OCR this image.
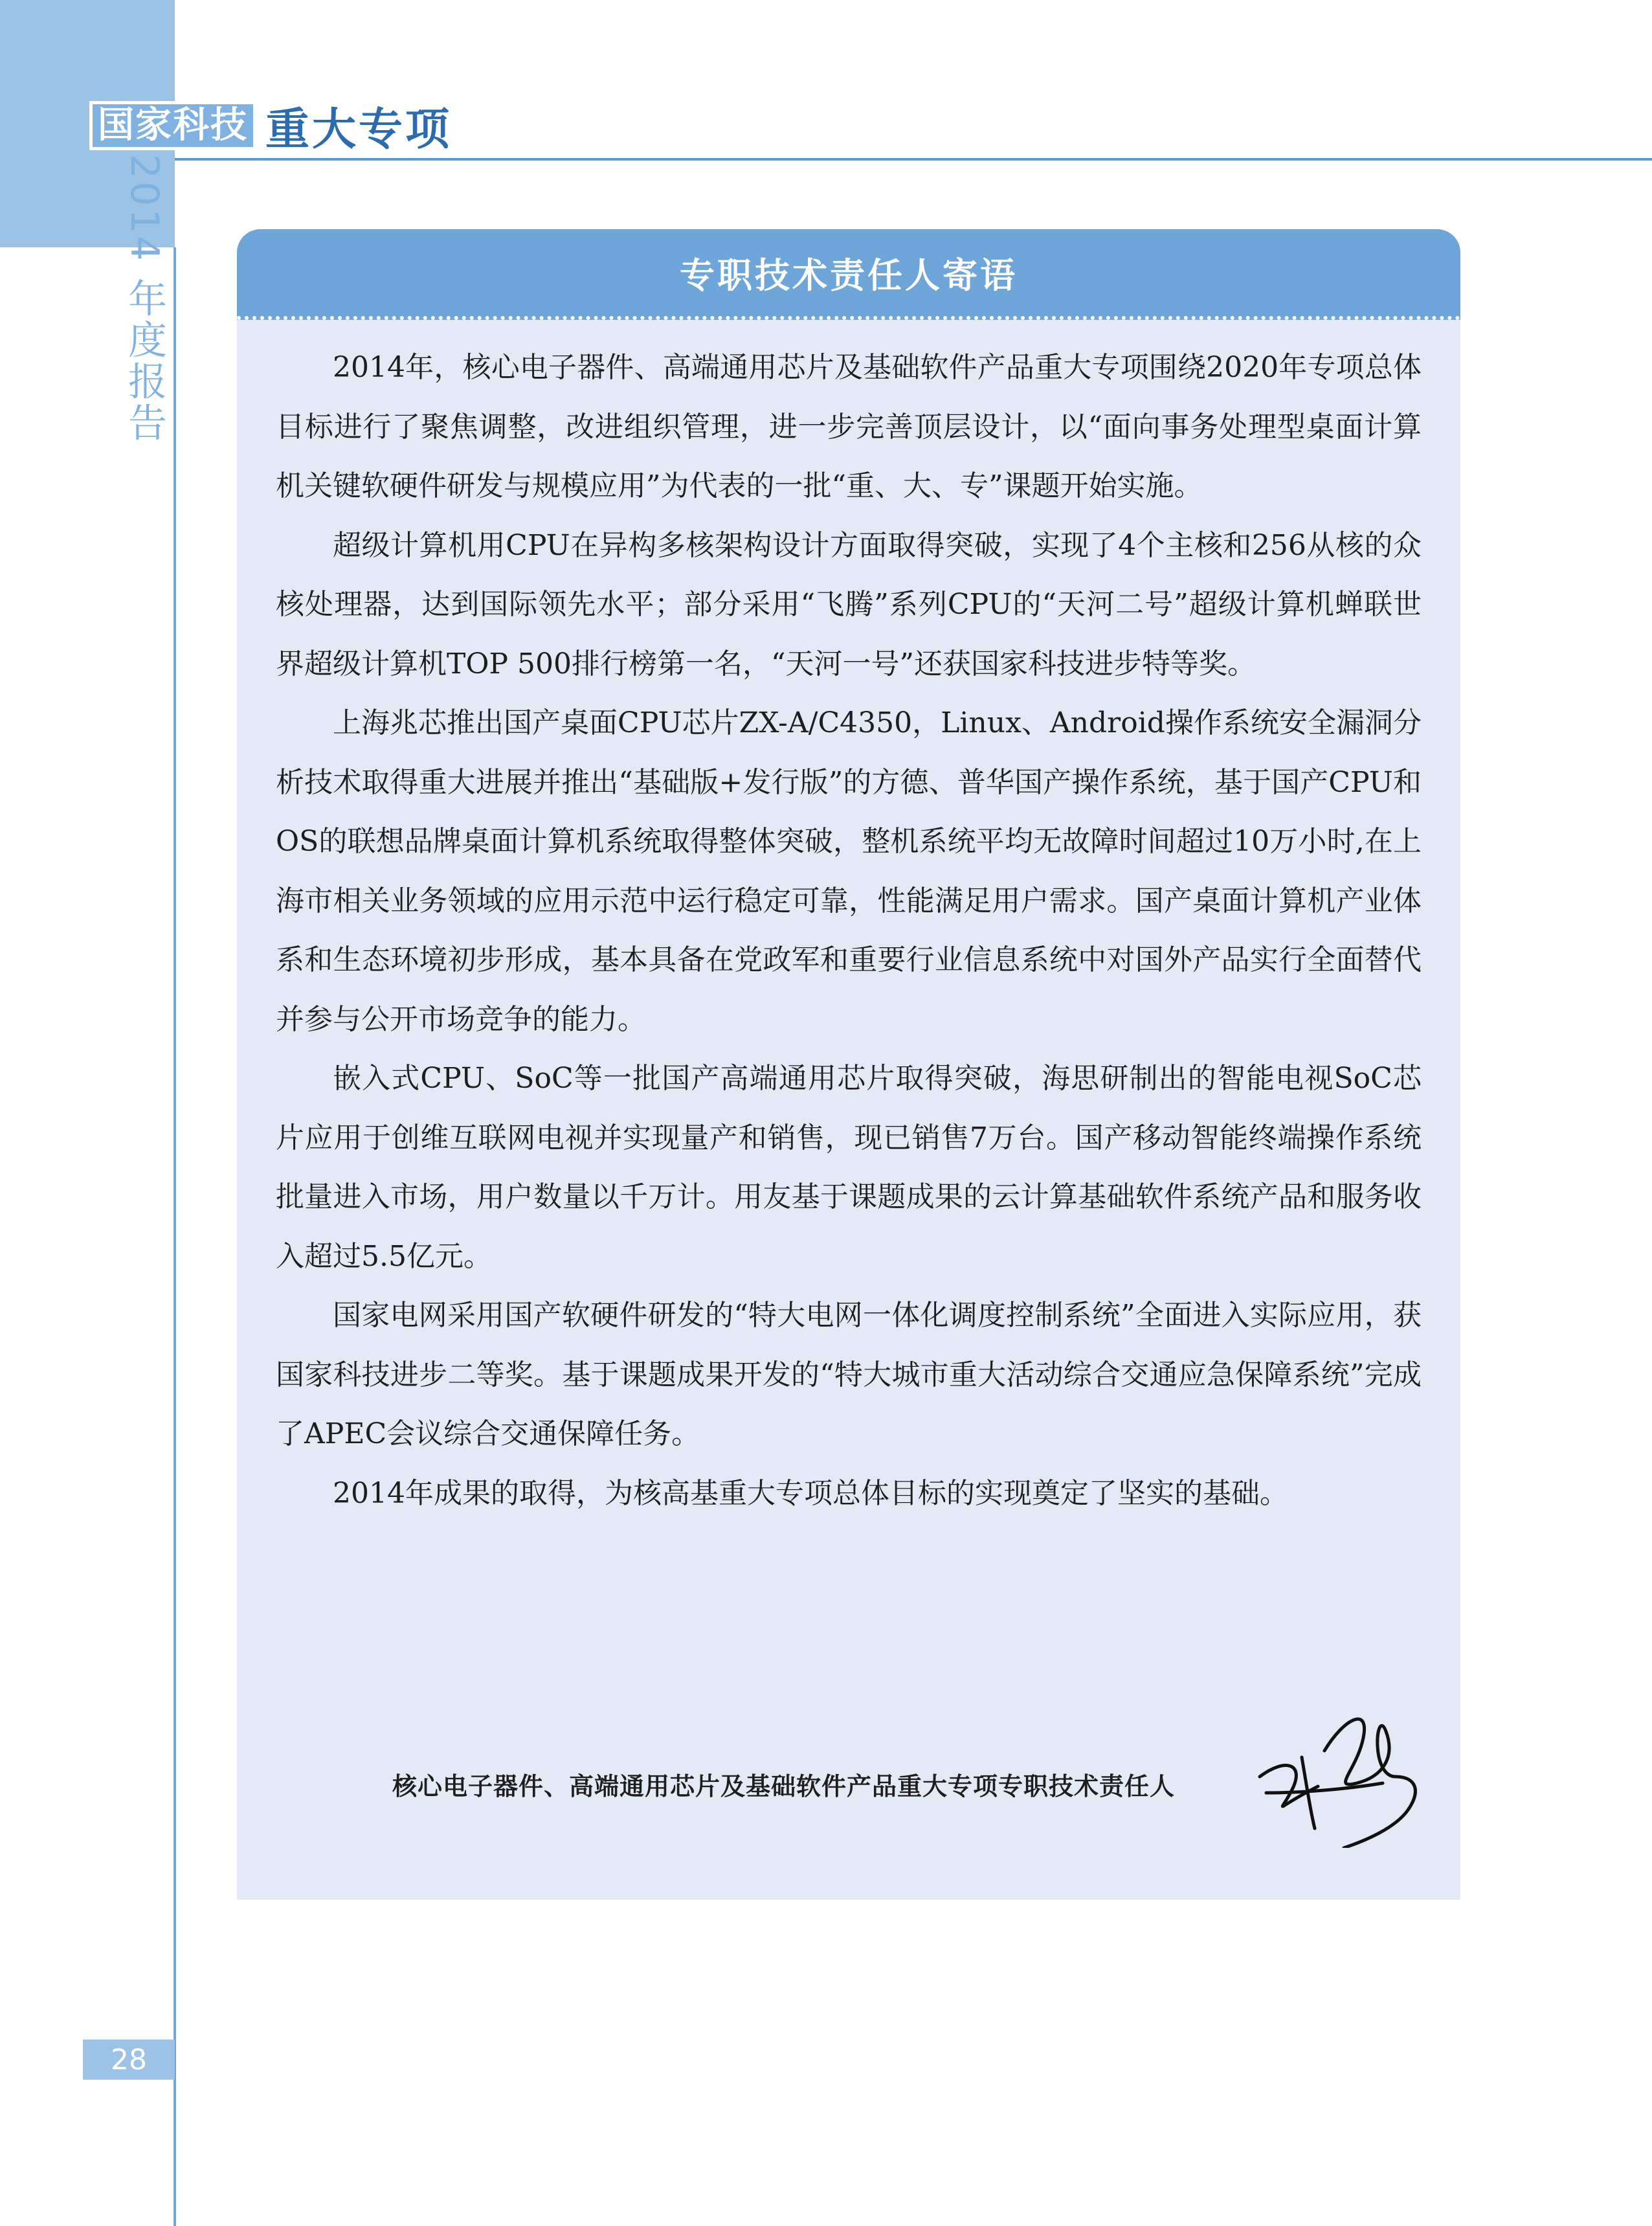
国家科技 重大专项
2014 年度报告	专职技术责任人寄语

2014年，核心电子器件、高端通用芯片及基础软件产品重大专项围绕2020年专项总体目标进行了聚焦调整，改进组织管理，进一步完善顶层设计，以“面向事务处理型桌面计算机关键软硬件研发与规模应用”为代表的一批“重、大、专”课题开始实施。

超级计算机用CPU在异构多核架构设计方面取得突破，实现了4个主核和256从核的众核处理器，达到国际领先水平；部分采用“飞腾”系列CPU的“天河二号”超级计算机蝉联世界超级计算机TOP 500排行榜第一名，“天河一号”还获国家科技进步特等奖。

上海兆芯推出国产桌面CPU芯片ZX-A/C4350，Linux、Android操作系统安全漏洞分析技术取得重大进展并推出“基础版+发行版”的方德、普华国产操作系统，基于国产CPU和OS的联想品牌桌面计算机系统取得整体突破，整机系统平均无故障时间超过10万小时,在上海市相关业务领域的应用示范中运行稳定可靠，性能满足用户需求。国产桌面计算机产业体系和生态环境初步形成，基本具备在党政军和重要行业信息系统中对国外产品实行全面替代并参与公开市场竞争的能力。

嵌入式CPU、SoC等一批国产高端通用芯片取得突破，海思研制出的智能电视SoC芯片应用于创维互联网电视并实现量产和销售，现已销售7万台。国产移动智能终端操作系统批量进入市场，用户数量以千万计。用友基于课题成果的云计算基础软件系统产品和服务收入超过5.5亿元。

国家电网采用国产软硬件研发的“特大电网一体化调度控制系统”全面进入实际应用，获国家科技进步二等奖。基于课题成果开发的“特大城市重大活动综合交通应急保障系统”完成了APEC会议综合交通保障任务。

2014年成果的取得，为核高基重大专项总体目标的实现奠定了坚实的基础。

核心电子器件、高端通用芯片及基础软件产品重大专项专职技术责任人
28
